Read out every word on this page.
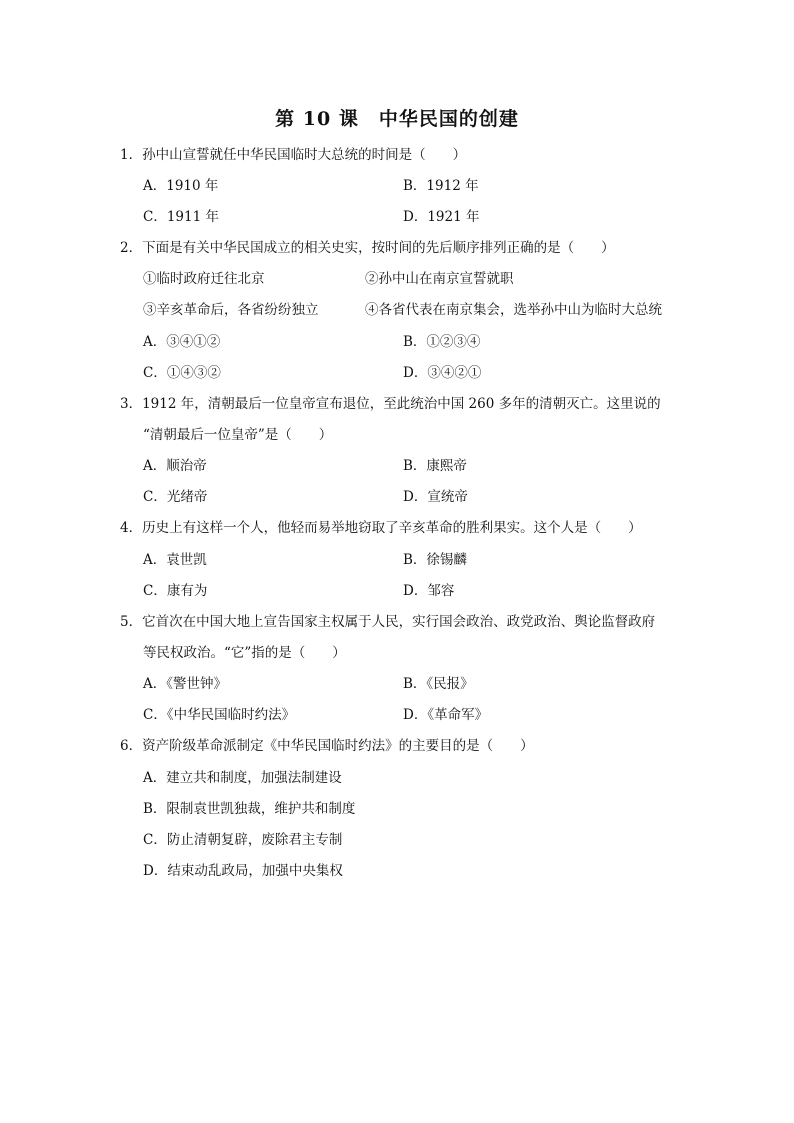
第 10 课　中华民国的创建
1．孙中山宣誓就任中华民国临时大总统的时间是（　　）
A．1910 年	B．1912 年
C．1911 年	D．1921 年
2．下面是有关中华民国成立的相关史实，按时间的先后顺序排列正确的是（　　）
①临时政府迁往北京	②孙中山在南京宣誓就职
③辛亥革命后，各省纷纷独立	④各省代表在南京集会，选举孙中山为临时大总统
A．③④①②	B．①②③④
C．①④③②	D．③④②①
3．1912 年，清朝最后一位皇帝宣布退位，至此统治中国 260 多年的清朝灭亡。这里说的
“清朝最后一位皇帝”是（　　）
A．顺治帝	B．康熙帝
C．光绪帝	D．宣统帝
4．历史上有这样一个人，他轻而易举地窃取了辛亥革命的胜利果实。这个人是（　　）
A．袁世凯	B．徐锡麟
C．康有为	D．邹容
5．它首次在中国大地上宣告国家主权属于人民，实行国会政治、政党政治、舆论监督政府
等民权政治。“它”指的是（　　）
A．《警世钟》	B．《民报》
C．《中华民国临时约法》	D．《革命军》
6．资产阶级革命派制定《中华民国临时约法》的主要目的是（　　）
A．建立共和制度，加强法制建设
B．限制袁世凯独裁，维护共和制度
C．防止清朝复辟，废除君主专制
D．结束动乱政局，加强中央集权
